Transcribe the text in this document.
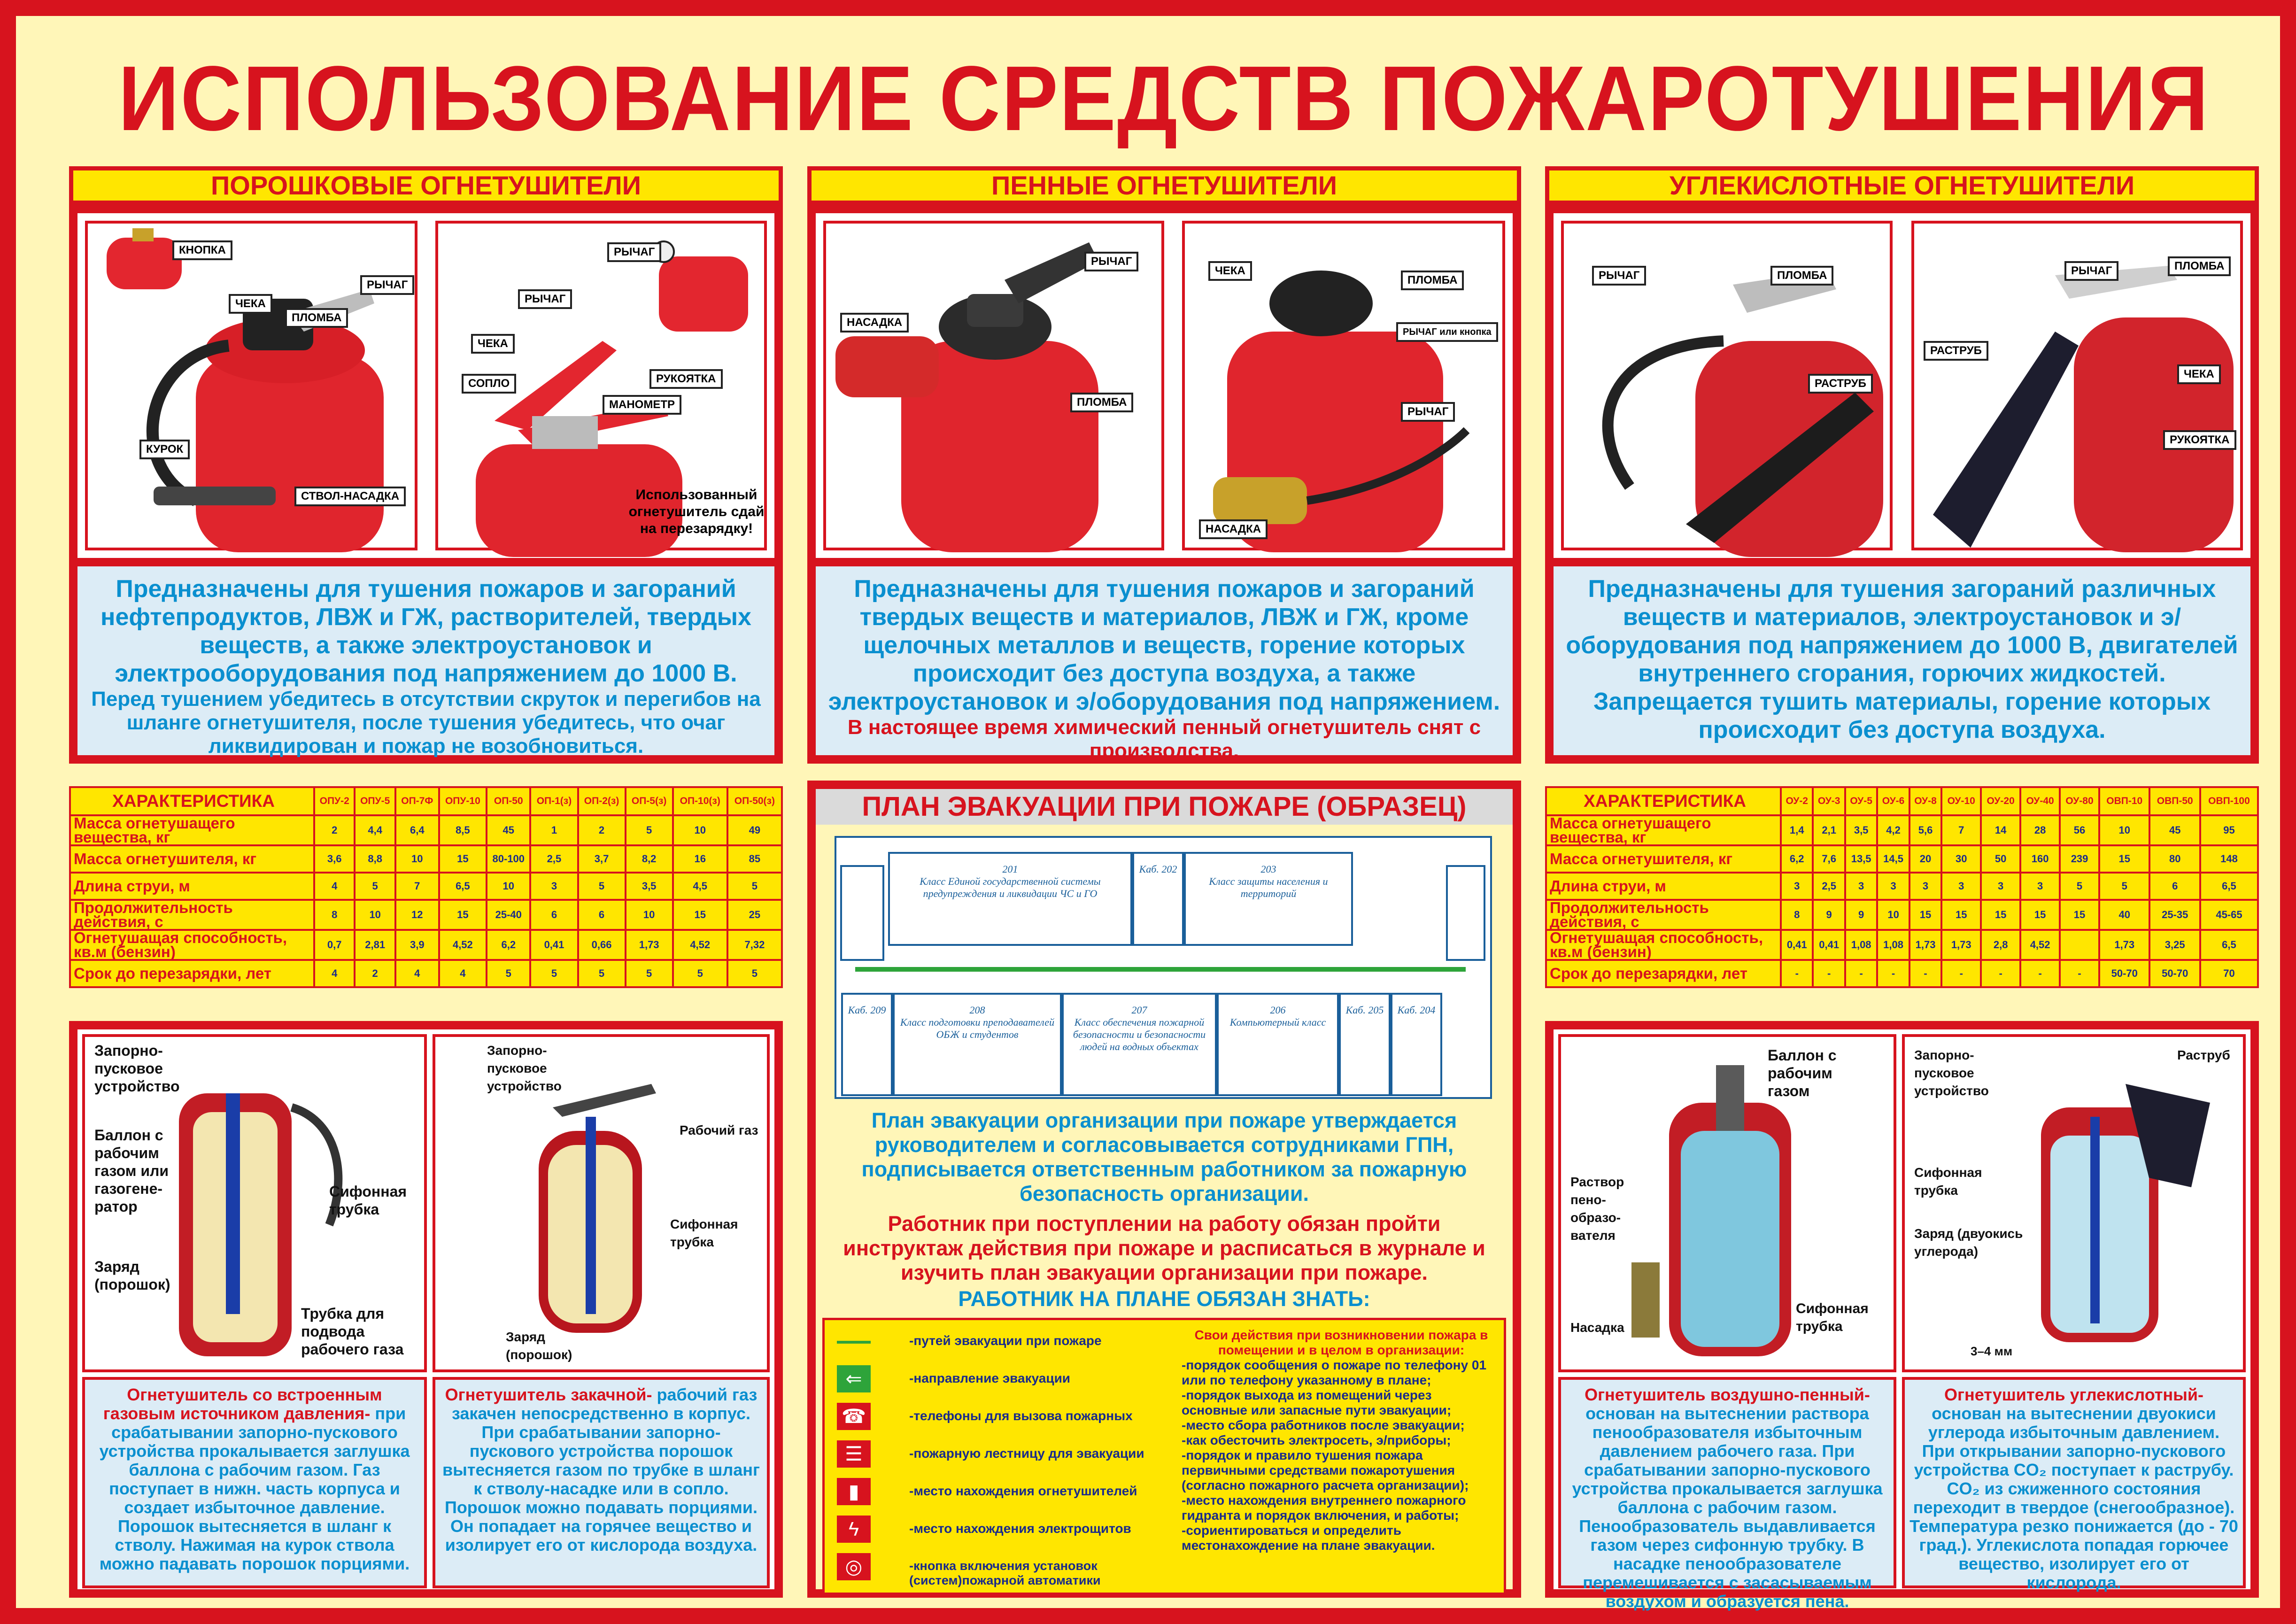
ИСПОЛЬЗОВАНИЕ СРЕДСТВ ПОЖАРОТУШЕНИЯ
ПОРОШКОВЫЕ ОГНЕТУШИТЕЛИ	ПЕННЫЕ ОГНЕТУШИТЕЛИ	УГЛЕКИСЛОТНЫЕ ОГНЕТУШИТЕЛИ
КНОПКА
ЧЕКА
ПЛОМБА
РЫЧАГ
КУРОК
СТВОЛ-НАСАДКА
РЫЧАГ
РЫЧАГ
ЧЕКА
СОПЛО	РУКОЯТКА
МАНОМЕТР
Использованный огнетушитель сдай на перезарядку!

Предназначены для тушения пожаров и загораний нефтепродуктов, ЛВЖ и ГЖ, растворителей, твердых веществ, а также электроустановок и электрооборудования под напряжением до 1000 В.

Перед тушением убедитесь в отсутствии скруток и перегибов на шланге огнетушителя, после тушения убедитесь, что очаг ликвидирован и пожар не возобновиться.

РЫЧАГ
НАСАДКА
ПЛОМБА
ЧЕКА
ПЛОМБА
РЫЧАГ или кнопка
РЫЧАГ
НАСАДКА

Предназначены для тушения пожаров и загораний твердых веществ и материалов, ЛВЖ и ГЖ, кроме щелочных металлов и веществ, горение которых происходит без доступа воздуха, а также электроустановок и э/оборудования под напряжением.

В настоящее время химический пенный огнетушитель снят с производства.

РЫЧАГ	ПЛОМБА
РАСТРУБ
РЫЧАГ	ПЛОМБА
РАСТРУБ
ЧЕКА
РУКОЯТКА

Предназначены для тушения загораний различных веществ и материалов, электроустановок и э/оборудования под напряжением до 1000 В, двигателей внутреннего сгорания, горючих жидкостей. Запрещается тушить материалы, горение которых происходит без доступа воздуха.

ХАРАКТЕРИСТИКА	ОПУ-2	ОПУ-5	ОП-7Ф	ОПУ-10	ОП-50	ОП-1(з)	ОП-2(з)	ОП-5(з)	ОП-10(з)	ОП-50(з)
Масса огнетушащего вещества, кг	2	4,4	6,4	8,5	45	1	2	5	10	49
Масса огнетушителя, кг	3,6	8,8	10	15	80-100	2,5	3,7	8,2	16	85
Длина струи, м	4	5	7	6,5	10	3	5	3,5	4,5	5
Продолжительность действия, с	8	10	12	15	25-40	6	6	10	15	25
Огнетушащая способность, кв.м (бензин)	0,7	2,81	3,9	4,52	6,2	0,41	0,66	1,73	4,52	7,32
Срок до перезарядки, лет	4	2	4	4	5	5	5	5	5	5
ХАРАКТЕРИСТИКА	ОУ-2	ОУ-3	ОУ-5	ОУ-6	ОУ-8	ОУ-10	ОУ-20	ОУ-40	ОУ-80	ОВП-10	ОВП-50	ОВП-100
Масса огнетушащего вещества, кг	1,4	2,1	3,5	4,2	5,6	7	14	28	56	10	45	95
Масса огнетушителя, кг	6,2	7,6	13,5	14,5	20	30	50	160	239	15	80	148
Длина струи, м	3	2,5	3	3	3	3	3	3	5	5	6	6,5
Продолжительность действия, с	8	9	9	10	15	15	15	15	15	40	25-35	45-65
Огнетушащая способность, кв.м (бензин)	0,41	0,41	1,08	1,08	1,73	1,73	2,8	4,52		1,73	3,25	6,5
Срок до перезарядки, лет	-	-	-	-	-	-	-	-	-	50-70	50-70	70
ПЛАН ЭВАКУАЦИИ ПРИ ПОЖАРЕ (ОБРАЗЕЦ)
201
Класс Единой государственной системы предупреждения и ликвидации ЧС и ГО
Каб. 202	203
Класс защиты населения и территорий
Каб. 209	208
Класс подготовки преподавателей ОБЖ и студентов
207
Класс обеспечения пожарной безопасности и безопасности людей на водных объектах
206
Компьютерный класс
Каб. 205	Каб. 204
План эвакуации организации при пожаре утверждается руководителем и согласовывается сотрудниками ГПН, подписывается ответственным работником за пожарную безопасность организации.
Работник при поступлении на работу обязан пройти инструктаж действия при пожаре и расписаться в журнале и изучить план эвакуации организации при пожаре.
РАБОТНИК НА ПЛАНЕ ОБЯЗАН ЗНАТЬ:
-путей эвакуации при пожаре
⇐	-направление эвакуации
☎	-телефоны для вызова пожарных
☰	-пожарную лестницу для эвакуации
▮	-место нахождения огнетушителей
ϟ	-место нахождения электрощитов
◎	-кнопка включения установок (систем)пожарной автоматики
Свои действия при возникновении пожара в помещении и в целом в организации:
-порядок сообщения о пожаре по телефону 01 или по телефону указанному в плане;
-порядок выхода из помещений через основные или запасные пути эвакуации;
-место сбора работников после эвакуации;
-как обесточить электросеть, э/приборы;
-порядок и правило тушения пожара первичными средствами пожаротушения (согласно пожарного расчета организации);
-место нахождения внутреннего пожарного гидранта и порядок включения, и работы;
-сориентироваться и определить местонахождение на плане эвакуации.
Запорно-пусковое устройство
Баллон с рабочим газом или газогене-ратор
Сифонная трубка
Заряд (порошок)
Трубка для подвода рабочего газа
Запорно-пусковое устройство
Рабочий газ
Сифонная трубка
Заряд (порошок)
Огнетушитель со встроенным газовым источником давления- при срабатывании запорно-пускового устройства прокалывается заглушка баллона с рабочим газом. Газ поступает в нижн. часть корпуса и создает избыточное давление. Порошок вытесняется в шланг к стволу. Нажимая на курок ствола можно падавать порошок порциями.
Огнетушитель закачной- рабочий газ закачен непосредственно в корпус. При срабатывании запорно-пускового устройства порошок вытесняется газом по трубке в шланг к стволу-насадке или в сопло. Порошок можно подавать порциями. Он попадает на горячее вещество и изолирует его от кислорода воздуха.
Баллон с рабочим газом
Раствор пено-образо-вателя
Насадка
Сифонная трубка
Запорно-пусковое устройство
Раструб
Сифонная трубка
Заряд (двуокись углерода)
3–4 мм
Огнетушитель воздушно-пенный- основан на вытеснении раствора пенообразователя избыточным давлением рабочего газа. При срабатывании запорно-пускового устройства прокалывается заглушка баллона с рабочим газом. Пенообразователь выдавливается газом через сифонную трубку. В насадке пенообразователе перемешивается с засасываемым воздухом и образуется пена.
Огнетушитель углекислотный- основан на вытеснении двуокиси углерода избыточным давлением. При открывании запорно-пускового устройства CO₂ поступает к раструбу. CO₂ из сжиженного состояния переходит в твердое (снегообразное). Температура резко понижается (до - 70 град.). Углекислота попадая горючее вещество, изолирует его от кислорода.
